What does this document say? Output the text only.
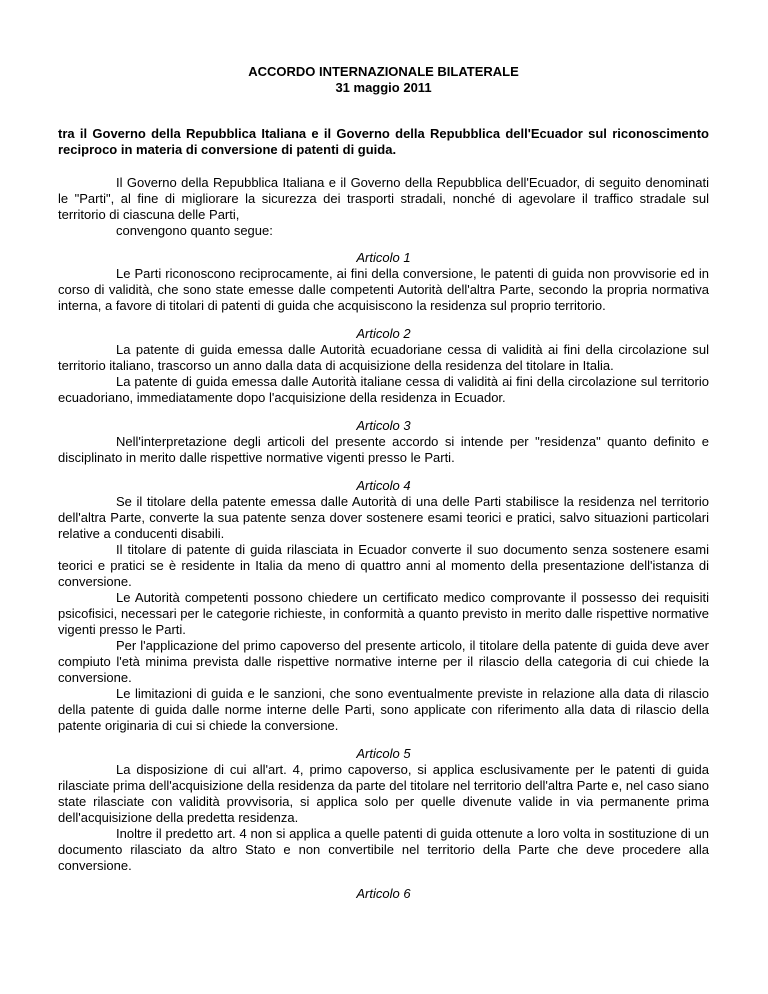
ACCORDO INTERNAZIONALE BILATERALE

31 maggio 2011

tra il Governo della Repubblica Italiana e il Governo della Repubblica dell'Ecuador sul riconoscimento reciproco in materia di conversione di patenti di guida.

Il Governo della Repubblica Italiana e il Governo della Repubblica dell'Ecuador, di seguito denominati le "Parti", al fine di migliorare la sicurezza dei trasporti stradali, nonché di agevolare il traffico stradale sul territorio di ciascuna delle Parti,

convengono quanto segue:

Articolo 1

Le Parti riconoscono reciprocamente, ai fini della conversione, le patenti di guida non provvisorie ed in corso di validità, che sono state emesse dalle competenti Autorità dell'altra Parte, secondo la propria normativa interna, a favore di titolari di patenti di guida che acquisiscono la residenza sul proprio territorio.

Articolo 2

La patente di guida emessa dalle Autorità ecuadoriane cessa di validità ai fini della circolazione sul territorio italiano, trascorso un anno dalla data di acquisizione della residenza del titolare in Italia.

La patente di guida emessa dalle Autorità italiane cessa di validità ai fini della circolazione sul territorio ecuadoriano, immediatamente dopo l'acquisizione della residenza in Ecuador.

Articolo 3

Nell'interpretazione degli articoli del presente accordo si intende per "residenza" quanto definito e disciplinato in merito dalle rispettive normative vigenti presso le Parti.

Articolo 4

Se il titolare della patente emessa dalle Autorità di una delle Parti stabilisce la residenza nel territorio dell'altra Parte, converte la sua patente senza dover sostenere esami teorici e pratici, salvo situazioni particolari relative a conducenti disabili.

Il titolare di patente di guida rilasciata in Ecuador converte il suo documento senza sostenere esami teorici e pratici se è residente in Italia da meno di quattro anni al momento della presentazione dell'istanza di conversione.

Le Autorità competenti possono chiedere un certificato medico comprovante il possesso dei requisiti psicofisici, necessari per le categorie richieste, in conformità a quanto previsto in merito dalle rispettive normative vigenti presso le Parti.

Per l'applicazione del primo capoverso del presente articolo, il titolare della patente di guida deve aver compiuto l'età minima prevista dalle rispettive normative interne per il rilascio della categoria di cui chiede la conversione.

Le limitazioni di guida e le sanzioni, che sono eventualmente previste in relazione alla data di rilascio della patente di guida dalle norme interne delle Parti, sono applicate con riferimento alla data di rilascio della patente originaria di cui si chiede la conversione.

Articolo 5

La disposizione di cui all'art. 4, primo capoverso, si applica esclusivamente per le patenti di guida rilasciate prima dell'acquisizione della residenza da parte del titolare nel territorio dell'altra Parte e, nel caso siano state rilasciate con validità provvisoria, si applica solo per quelle divenute valide in via permanente prima dell'acquisizione della predetta residenza.

Inoltre il predetto art. 4 non si applica a quelle patenti di guida ottenute a loro volta in sostituzione di un documento rilasciato da altro Stato e non convertibile nel territorio della Parte che deve procedere alla conversione.

Articolo 6
